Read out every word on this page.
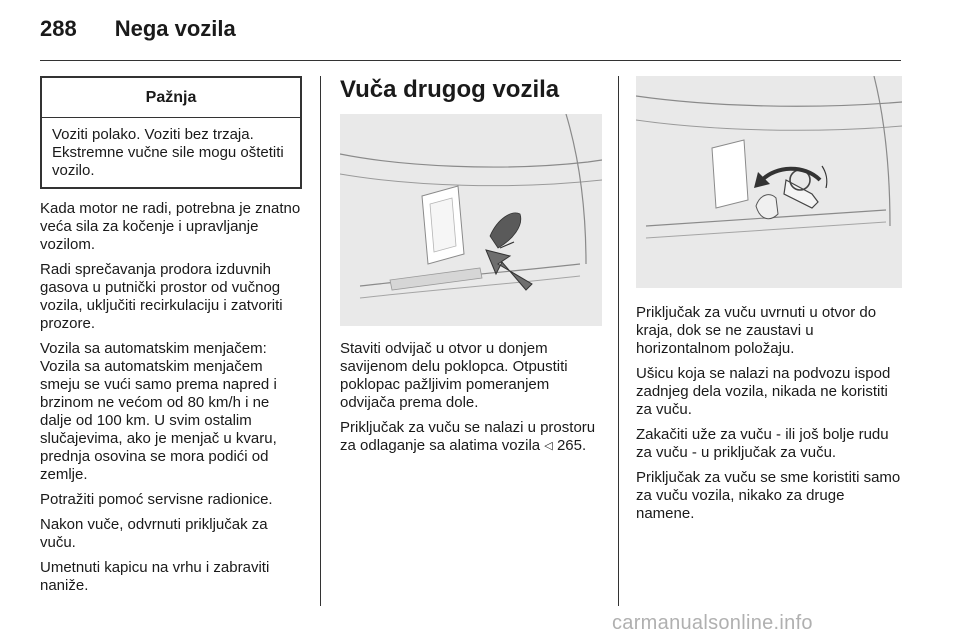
288 Nega vozila
Pažnja
Voziti polako. Voziti bez trzaja. Ekstremne vučne sile mogu oštetiti vozilo.

Kada motor ne radi, potrebna je znatno veća sila za kočenje i upravljanje vozilom.

Radi sprečavanja prodora izduvnih gasova u putnički prostor od vučnog vozila, uključiti recirkulaciju i zatvoriti prozore.

Vozila sa automatskim menjačem: Vozila sa automatskim menjačem smeju se vući samo prema napred i brzinom ne većom od 80 km/h i ne dalje od 100 km. U svim ostalim slučajevima, ako je menjač u kvaru, prednja osovina se mora podići od zemlje.

Potražiti pomoć servisne radionice.

Nakon vuče, odvrnuti priključak za vuču.

Umetnuti kapicu na vrhu i zabraviti naniže.

Vuča drugog vozila

Staviti odvijač u otvor u donjem savijenom delu poklopca. Otpustiti poklopac pažljivim pomeranjem odvijača prema dole.

Priključak za vuču se nalazi u prostoru za odlaganje sa alatima vozila ◁ 265.

Priključak za vuču uvrnuti u otvor do kraja, dok se ne zaustavi u horizontalnom položaju.

Ušicu koja se nalazi na podvozu ispod zadnjeg dela vozila, nikada ne koristiti za vuču.

Zakačiti uže za vuču - ili još bolje rudu za vuču - u priključak za vuču.

Priključak za vuču se sme koristiti samo za vuču vozila, nikako za druge namene.

carmanualsonline.info
